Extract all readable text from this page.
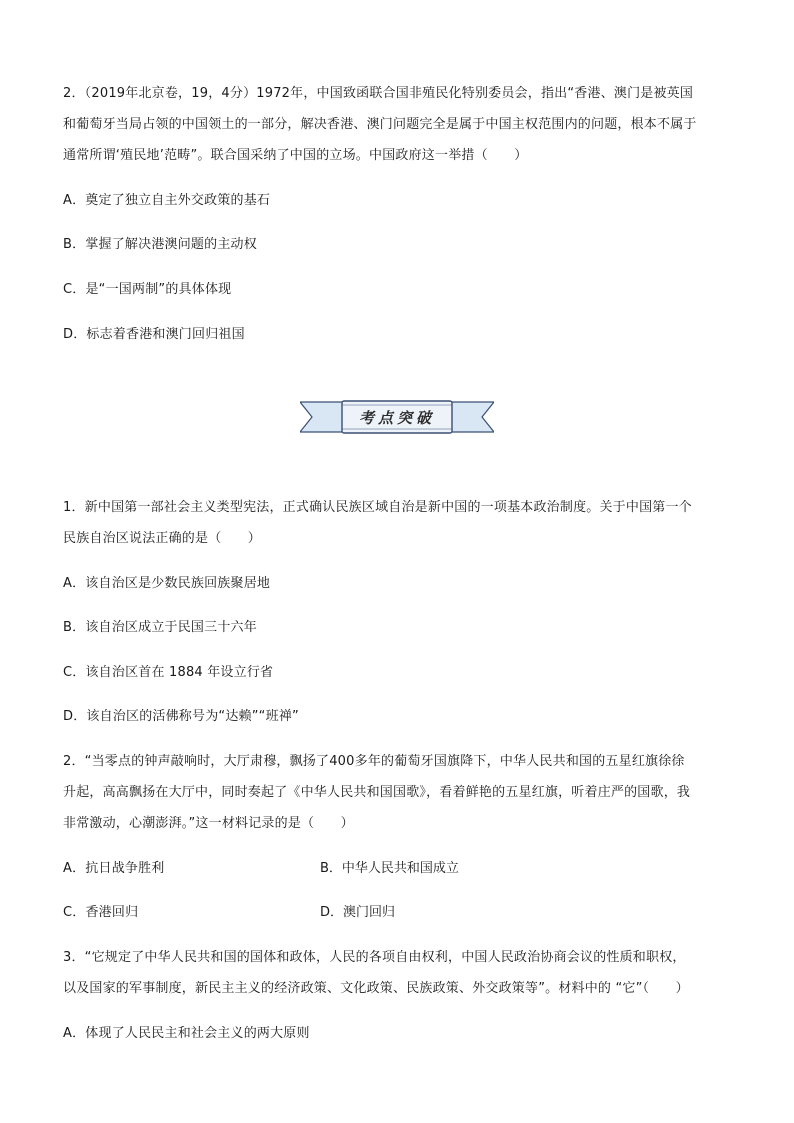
2．（2019年北京卷，19，4分）1972年，中国致函联合国非殖民化特别委员会，指出“香港、澳门是被英国
和葡萄牙当局占领的中国领土的一部分，解决香港、澳门问题完全是属于中国主权范围内的问题，根本不属于
通常所谓‘殖民地’范畴”。联合国采纳了中国的立场。中国政府这一举措（　　）
A．奠定了独立自主外交政策的基石
B．掌握了解决港澳问题的主动权
C．是“一国两制”的具体体现
D．标志着香港和澳门回归祖国
考点突破
1．新中国第一部社会主义类型宪法，正式确认民族区域自治是新中国的一项基本政治制度。关于中国第一个
民族自治区说法正确的是（　　）
A．该自治区是少数民族回族聚居地
B．该自治区成立于民国三十六年
C．该自治区首在 1884 年设立行省
D．该自治区的活佛称号为“达赖”“班禅”
2．“当零点的钟声敲响时，大厅肃穆，飘扬了400多年的葡萄牙国旗降下，中华人民共和国的五星红旗徐徐
升起，高高飘扬在大厅中，同时奏起了《中华人民共和国国歌》，看着鲜艳的五星红旗，听着庄严的国歌，我
非常激动，心潮澎湃。”这一材料记录的是（　　）
A．抗日战争胜利	B．中华人民共和国成立
C．香港回归	D．澳门回归
3．“它规定了中华人民共和国的国体和政体，人民的各项自由权利，中国人民政治协商会议的性质和职权，
以及国家的军事制度，新民主主义的经济政策、文化政策、民族政策、外交政策等”。材料中的 “它”（　　）
A．体现了人民民主和社会主义的两大原则
